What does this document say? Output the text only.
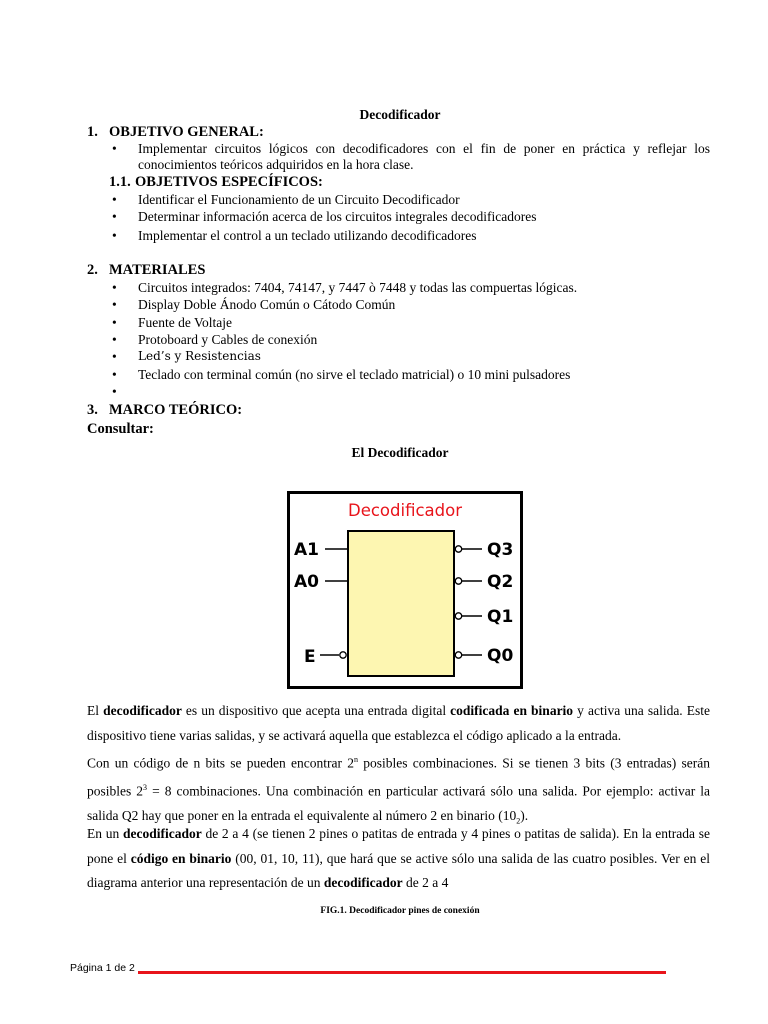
Decodificador
1. OBJETIVO GENERAL:
• Implementar circuitos lógicos con decodificadores con el fin de poner en práctica y reflejar los
conocimientos teóricos adquiridos en la hora clase.
1.1. OBJETIVOS ESPECÍFICOS:
• Identificar el Funcionamiento de un Circuito Decodificador
• Determinar información acerca de los circuitos integrales decodificadores
• Implementar el control a un teclado utilizando decodificadores
2. MATERIALES
• Circuitos integrados: 7404, 74147, y 7447 ò 7448 y todas las compuertas lógicas.
• Display Doble Ánodo Común o Cátodo Común
• Fuente de Voltaje
• Protoboard y Cables de conexión
• Led’s y Resistencias
• Teclado con terminal común (no sirve el teclado matricial) o 10 mini pulsadores
•
3. MARCO TEÓRICO:
Consultar:
El Decodificador
Decodificador
A1
A0
E
Q3
Q2
Q1
Q0
El decodificador es un dispositivo que acepta una entrada digital codificada en binario y activa una salida. Este dispositivo tiene varias salidas, y se activará aquella que establezca el código aplicado a la entrada.
Con un código de n bits se pueden encontrar 2$^n$ posibles combinaciones. Si se tienen 3 bits (3 entradas) serán posibles $2^3 = 8$ combinaciones. Una combinación en particular activará sólo una salida. Por ejemplo: activar la salida Q2 hay que poner en la entrada el equivalente al número 2 en binario $(10_2)$.
En un decodificador de 2 a 4 (se tienen 2 pines o patitas de entrada y 4 pines o patitas de salida). En la entrada se pone el código en binario (00, 01, 10, 11), que hará que se active sólo una salida de las cuatro posibles. Ver en el diagrama anterior una representación de un decodificador de 2 a 4
FIG.1. Decodificador pines de conexión
Página 1 de 2
